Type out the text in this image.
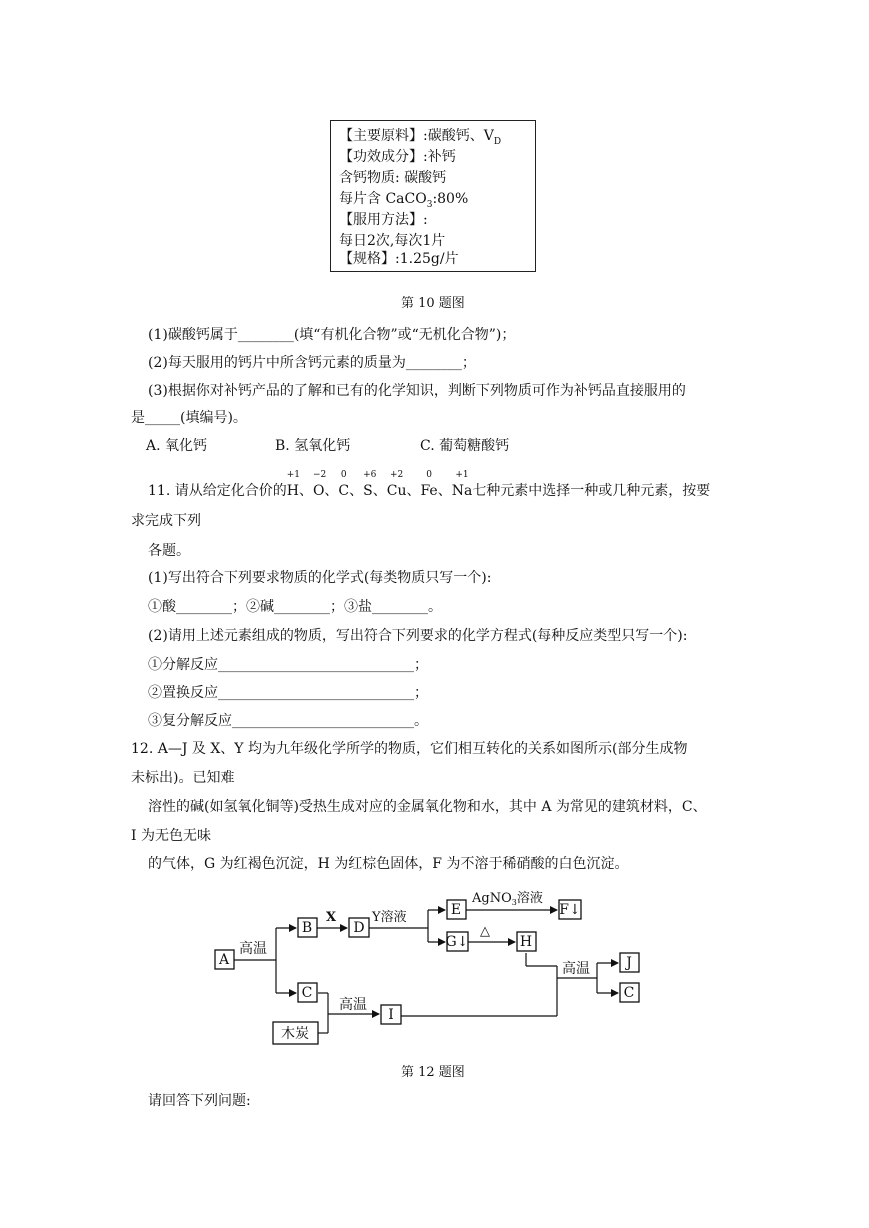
【主要原料】:碳酸钙、$V_D$
【功效成分】:补钙
含钙物质: 碳酸钙
每片含 CaCO$_3$:80%
【服用方法】:
每日2次,每次1片
【规格】:1.25g/片
第 10 题图
(1)碳酸钙属于________(填“有机化合物”或“无机化合物”)；
(2)每天服用的钙片中所含钙元素的质量为________；
(3)根据你对补钙产品的了解和已有的化学知识，判断下列物质可作为补钙品直接服用的
是_____(填编号)。
A. 氧化钙	B. 氢氧化钙	C. 葡萄糖酸钙
11. 请从给定化合价的
+1
H、
−2
O、
0
C、
+6
S、
+2
Cu、
0
Fe、
+1
Na七种元素中选择一种或几种元素，按要
求完成下列
各题。
(1)写出符合下列要求物质的化学式(每类物质只写一个):
①酸________；②碱________；③盐________。
(2)请用上述元素组成的物质，写出符合下列要求的化学方程式(每种反应类型只写一个):
①分解反应____________________________；
②置换反应____________________________；
③复分解反应__________________________。
12. A—J 及 X、Y 均为九年级化学所学的物质，它们相互转化的关系如图所示(部分生成物
未标出)。已知难
溶性的碱(如氢氧化铜等)受热生成对应的金属氧化物和水，其中 A 为常见的建筑材料，C、
I 为无色无味
的气体，G 为红褐色沉淀，H 为红棕色固体，F 为不溶于稀硝酸的白色沉淀。
A
B
C
D
E	F↓
G↓	H
I
J
C
木炭
高温
X	Y溶液
AgNO$_3$溶液
△
高温
高温
第 12 题图
请回答下列问题:
